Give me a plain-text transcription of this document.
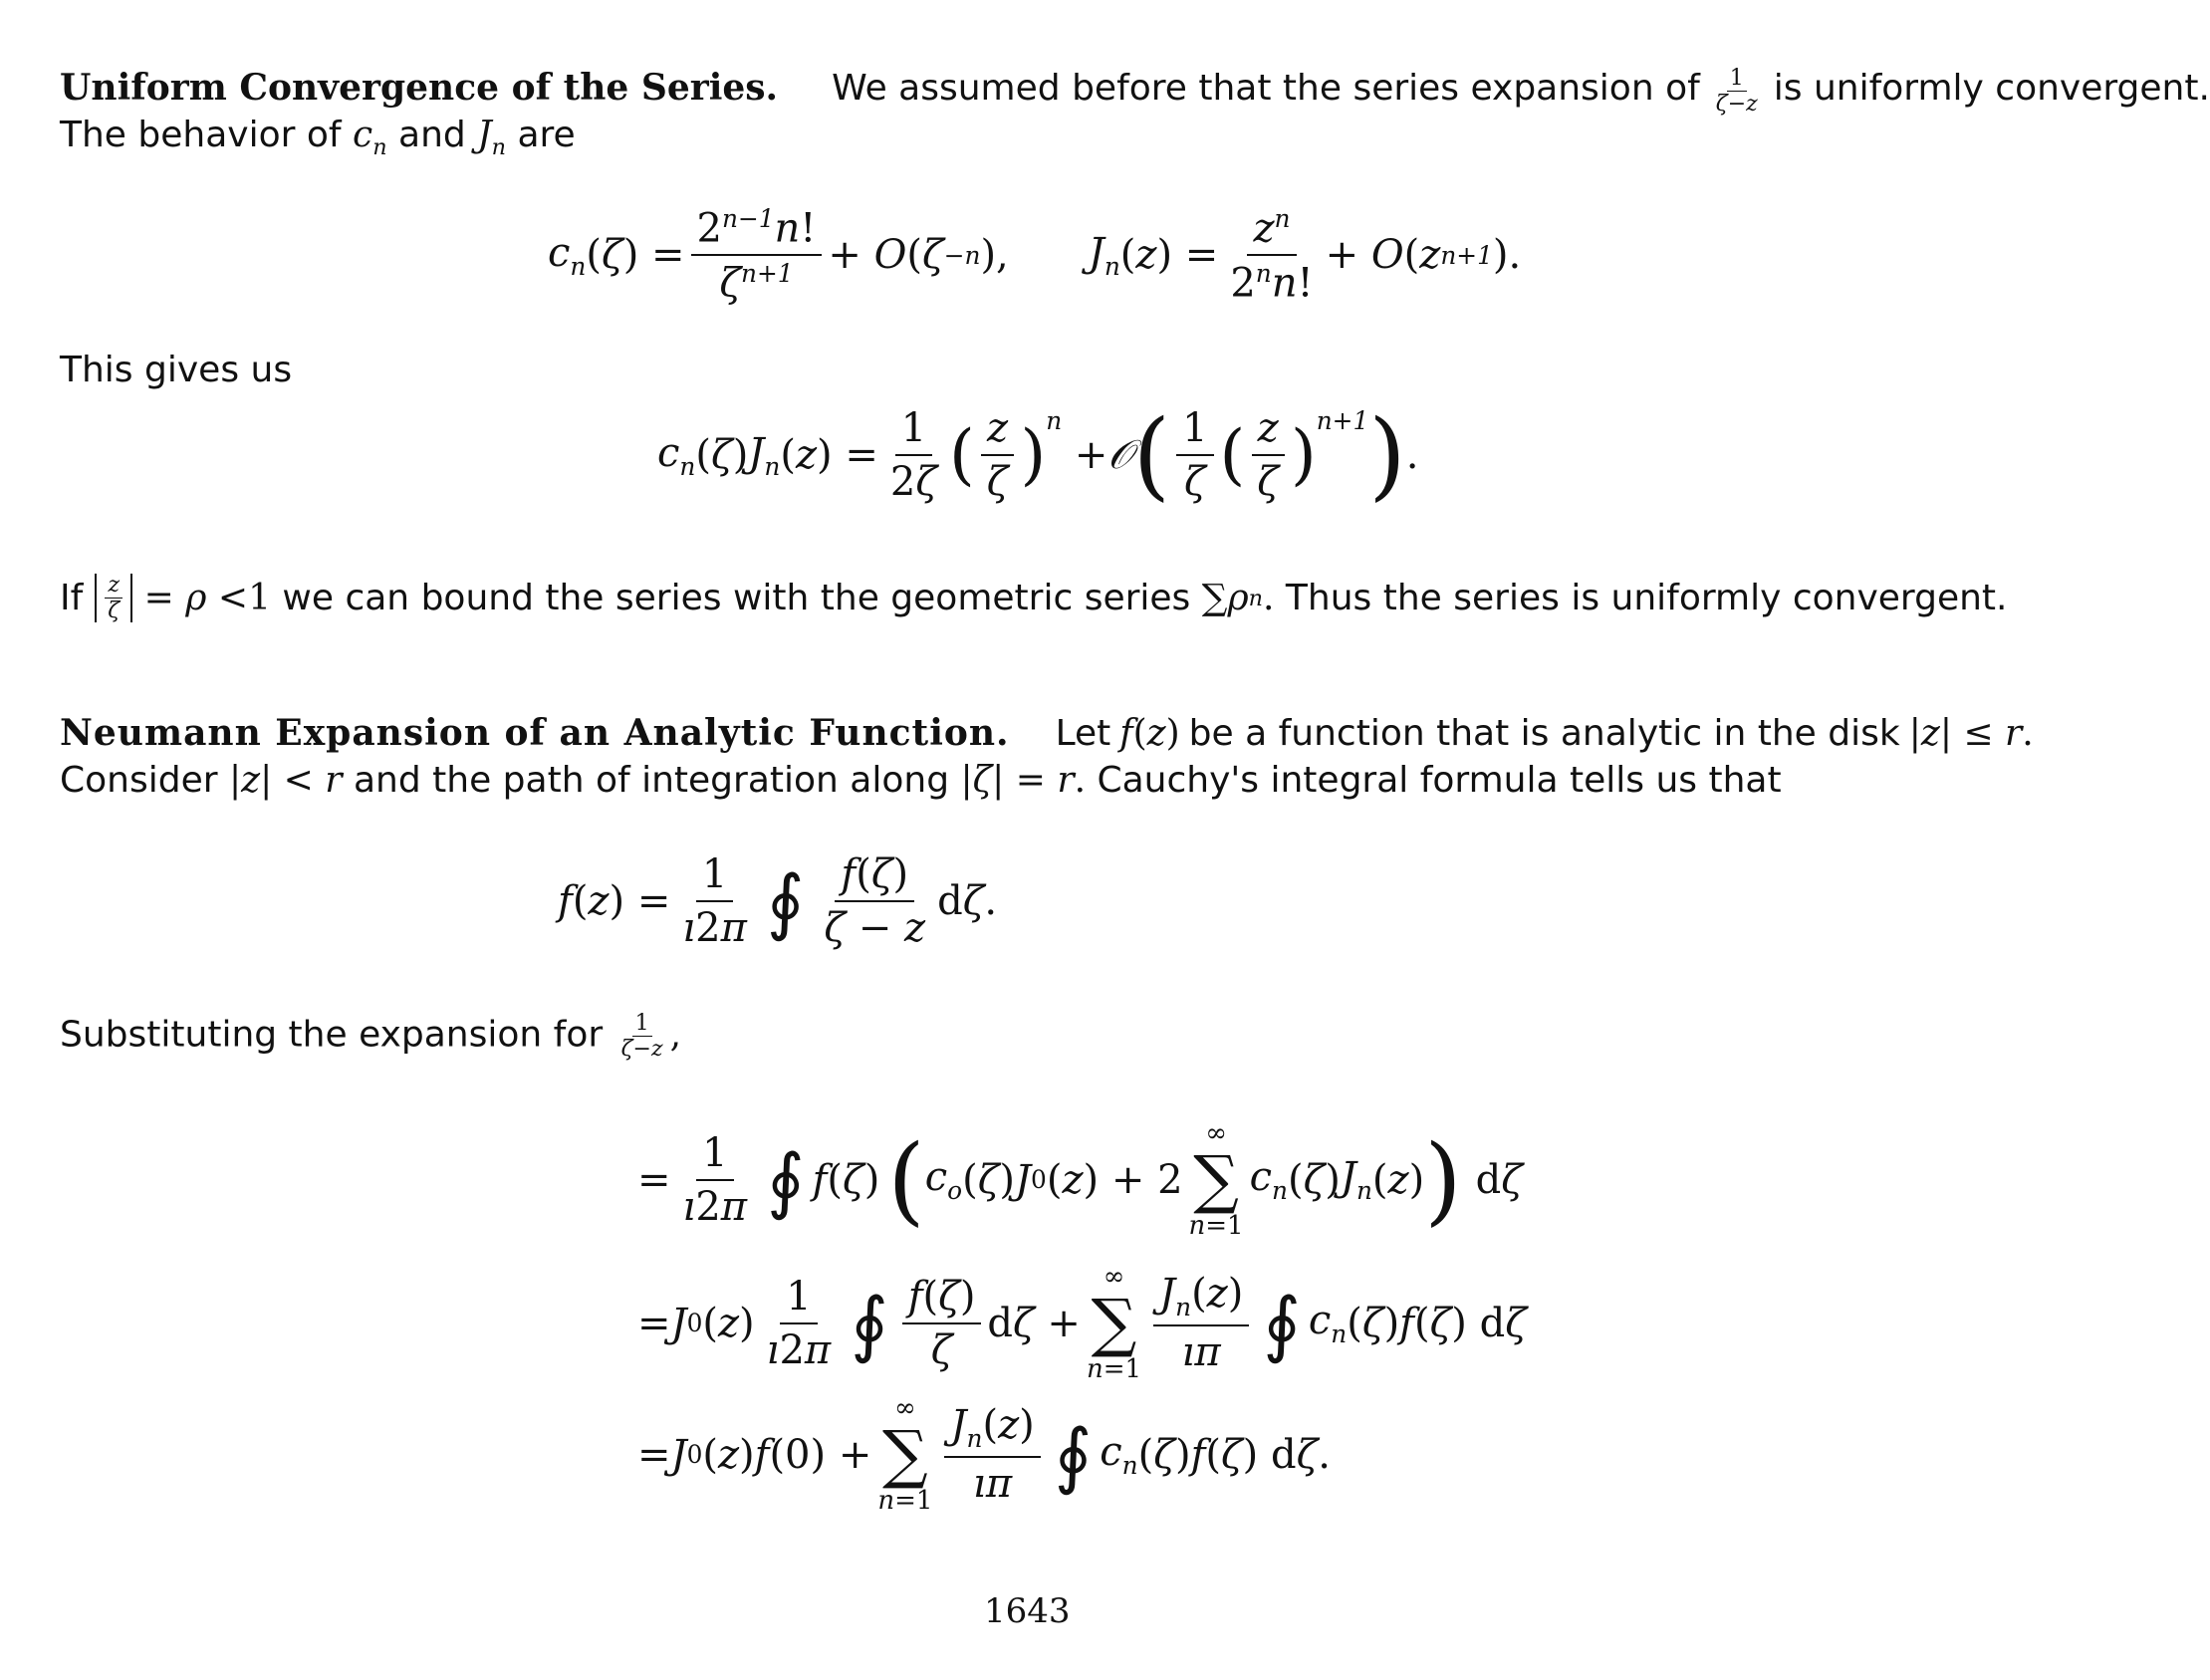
Uniform Convergence of the Series. We assumed before that the series expansion of $\frac{1}{\zeta-z}$ is uniformly convergent.
The behavior of $c_n$ and $J_n$ are
$c_n$ ( ζ ) = $\frac{2^{n-1}n!}{\zeta^{n+1}} + O$ ( ζ −n ), $J_n$ ( z ) = $\frac{z^n}{2^nn!} + O$ ( z n+1 ).
This gives us
$c_n$ ( ζ ) $J_n$ ( z ) = $\frac{1}{2\zeta}$ ( $\frac{z}{\zeta} )^n$
+ 𝒪 ( $\frac{1}{\zeta}$ ( $\frac{z}{\zeta} )^{n+1}$ ) .
If $\frac{z}{\zeta} = \rho < 1$
we can bound the series with the geometric series ∑ ρ n .
Thus the series is uniformly convergent.
Neumann Expansion of an Analytic Function. Let f(z) be a function that is analytic in the disk |z| ≤ r.
Consider |z| < r and the path of integration along |ζ| = r. Cauchy's integral formula tells us that
f ( z ) = $\frac{1}{ı2\pi}$ ∮ $\frac{f(\zeta)}{\zeta - z}$ d ζ .
Substituting the expansion for $\frac{1}{\zeta-z}$ ,
= $\frac{1}{ı2\pi}$ ∮ f ( ζ ) ( $c_o$ ( ζ ) J 0 ( z ) + 2
∞
∑
n=1
$c_n$ ( ζ ) $J_n$ ( z ) ) d ζ
= J 0 ( z ) $\frac{1}{ı2\pi}$ ∮ $\frac{f(\zeta)}{\zeta}$ d ζ +
∞
∑
$n=1 \frac{J_n(z)}{ı\pi}$ ∮ $c_n$ ( ζ ) f ( ζ ) d ζ
= J 0 ( z ) f (0) +
∞
∑
$n=1 \frac{J_n(z)}{ı\pi}$ ∮ $c_n$ ( ζ ) f ( ζ ) d ζ .
1643
